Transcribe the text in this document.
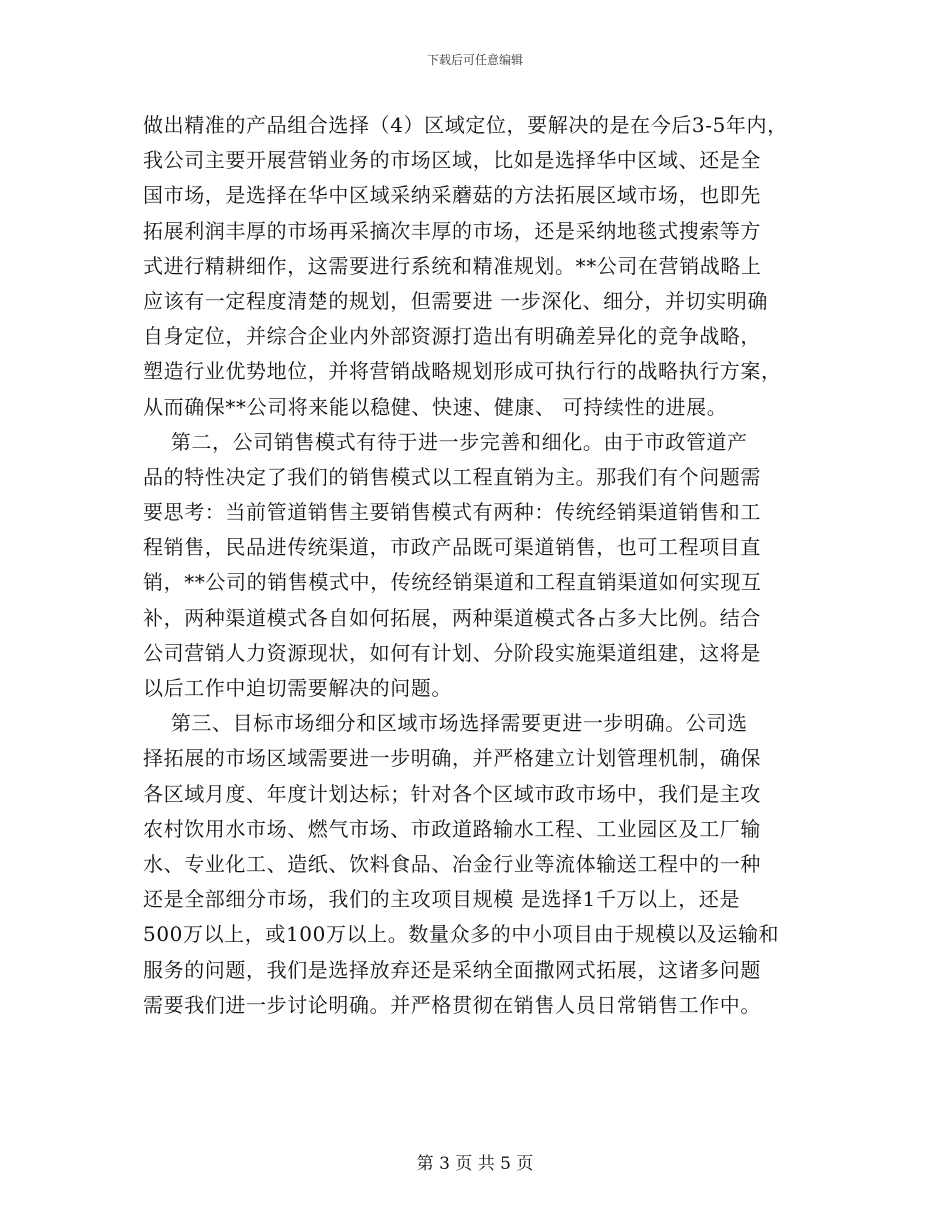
下载后可任意编辑
做出精准的产品组合选择（4）区域定位，要解决的是在今后3-5年内，
我公司主要开展营销业务的市场区域，比如是选择华中区域、还是全
国市场，是选择在华中区域采纳采蘑菇的方法拓展区域市场，也即先
拓展利润丰厚的市场再采摘次丰厚的市场，还是采纳地毯式搜索等方
式进行精耕细作，这需要进行系统和精准规划。**公司在营销战略上
应该有一定程度清楚的规划，但需要进 一步深化、细分，并切实明确
自身定位，并综合企业内外部资源打造出有明确差异化的竞争战略，
塑造行业优势地位，并将营销战略规划形成可执行行的战略执行方案，
从而确保**公司将来能以稳健、快速、健康、 可持续性的进展。
第二，公司销售模式有待于进一步完善和细化。由于市政管道产
品的特性决定了我们的销售模式以工程直销为主。那我们有个问题需
要思考：当前管道销售主要销售模式有两种：传统经销渠道销售和工
程销售，民品进传统渠道，市政产品既可渠道销售，也可工程项目直
销，**公司的销售模式中，传统经销渠道和工程直销渠道如何实现互
补，两种渠道模式各自如何拓展，两种渠道模式各占多大比例。结合
公司营销人力资源现状，如何有计划、分阶段实施渠道组建，这将是
以后工作中迫切需要解决的问题。
第三、目标市场细分和区域市场选择需要更进一步明确。公司选
择拓展的市场区域需要进一步明确，并严格建立计划管理机制，确保
各区域月度、年度计划达标；针对各个区域市政市场中，我们是主攻
农村饮用水市场、燃气市场、市政道路输水工程、工业园区及工厂输
水、专业化工、造纸、饮料食品、冶金行业等流体输送工程中的一种
还是全部细分市场，我们的主攻项目规模 是选择1千万以上，还是
500万以上，或100万以上。数量众多的中小项目由于规模以及运输和
服务的问题，我们是选择放弃还是采纳全面撒网式拓展，这诸多问题
需要我们进一步讨论明确。并严格贯彻在销售人员日常销售工作中。
第 3 页 共 5 页
